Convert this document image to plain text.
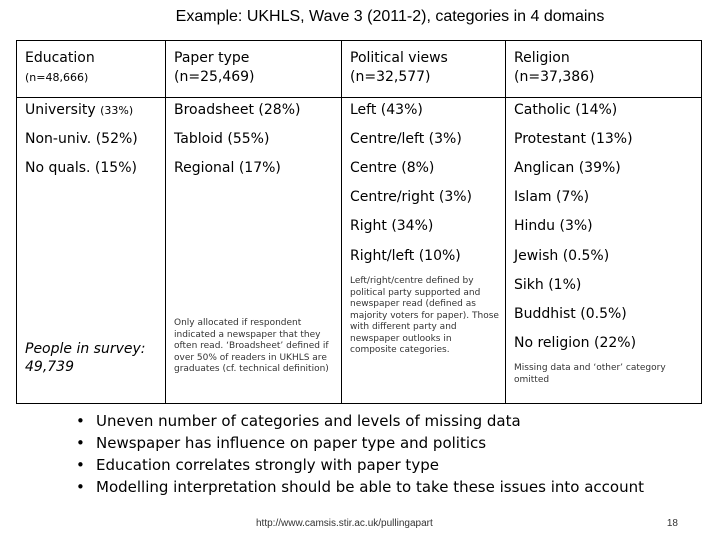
Example: UKHLS, Wave 3 (2011-2), categories in 4 domains
Education
(n=48,666)
University (33%)
Non-univ. (52%)
No quals. (15%)
People in survey:
49,739
Paper type
(n=25,469)
Broadsheet (28%)
Tabloid (55%)
Regional (17%)
Only allocated if respondent indicated a newspaper that they often read. ‘Broadsheet’ defined if over 50% of readers in UKHLS are graduates (cf. technical definition)
Political views
(n=32,577)
Left (43%)
Centre/left (3%)
Centre (8%)
Centre/right (3%)
Right (34%)
Right/left (10%)
Left/right/centre defined by political party supported and newspaper read (defined as majority voters for paper). Those with different party and newspaper outlooks in composite categories.
Religion
(n=37,386)
Catholic (14%)
Protestant (13%)
Anglican (39%)
Islam (7%)
Hindu (3%)
Jewish (0.5%)
Sikh (1%)
Buddhist (0.5%)
No religion (22%)
Missing data and ‘other’ category omitted
• Uneven number of categories and levels of missing data
• Newspaper has influence on paper type and politics
• Education correlates strongly with paper type
• Modelling interpretation should be able to take these issues into account
http://www.camsis.stir.ac.uk/pullingapart	18
